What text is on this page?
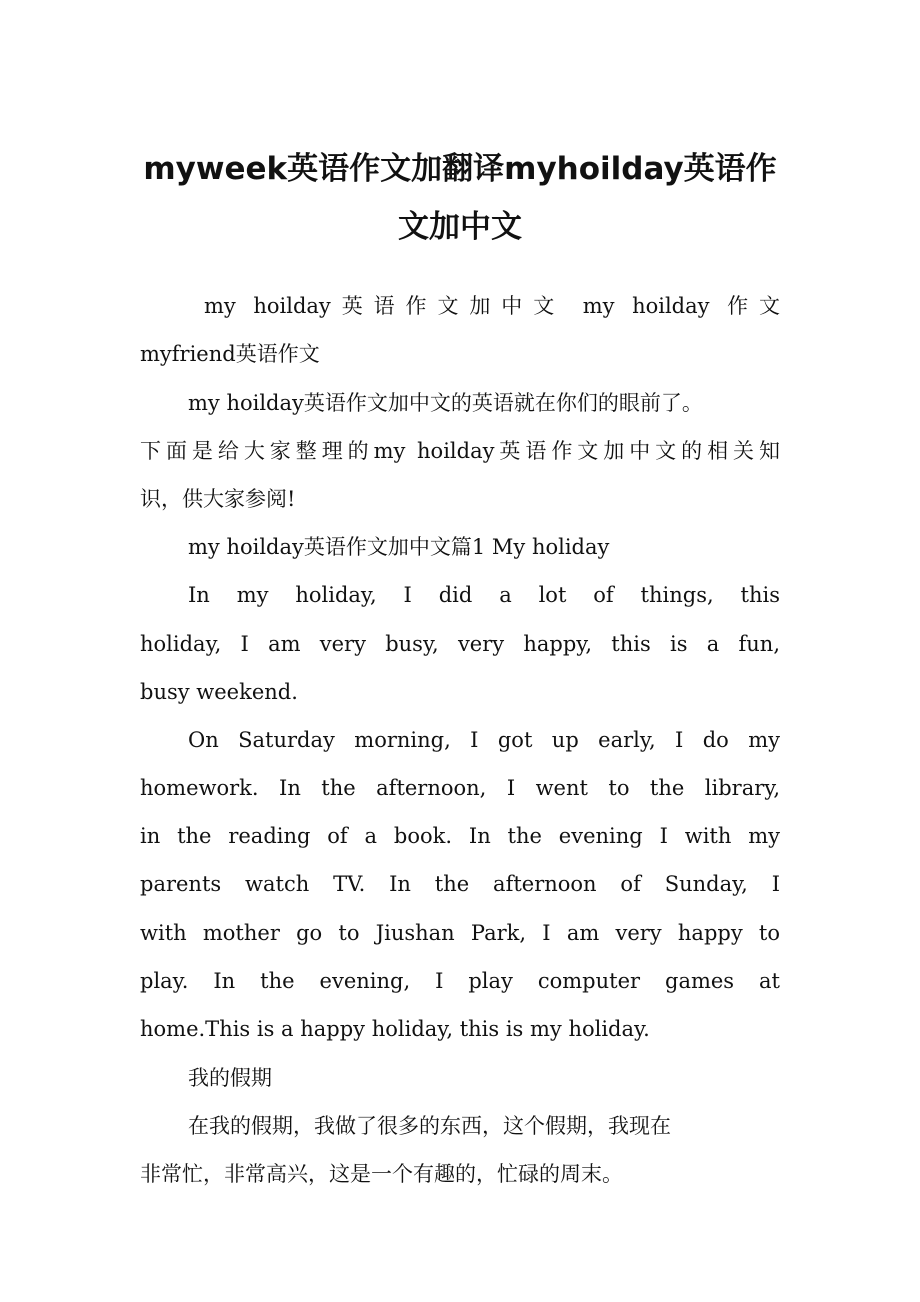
myweek英语作文加翻译myhoilday英语作
文加中文

my hoilday英语作文加中文 my hoilday 作文

myfriend英语作文

my hoilday英语作文加中文的英语就在你们的眼前了。

下面是给大家整理的my hoilday英语作文加中文的相关知

识，供大家参阅!

my hoilday英语作文加中文篇1 My holiday

In my holiday, I did a lot of things, this

holiday, I am very busy, very happy, this is a fun,

busy weekend.

On Saturday morning, I got up early, I do my

homework. In the afternoon, I went to the library,

in the reading of a book. In the evening I with my

parents watch TV. In the afternoon of Sunday, I

with mother go to Jiushan Park, I am very happy to

play. In the evening, I play computer games at

home.This is a happy holiday, this is my holiday.

我的假期

在我的假期，我做了很多的东西，这个假期，我现在

非常忙，非常高兴，这是一个有趣的，忙碌的周末。
